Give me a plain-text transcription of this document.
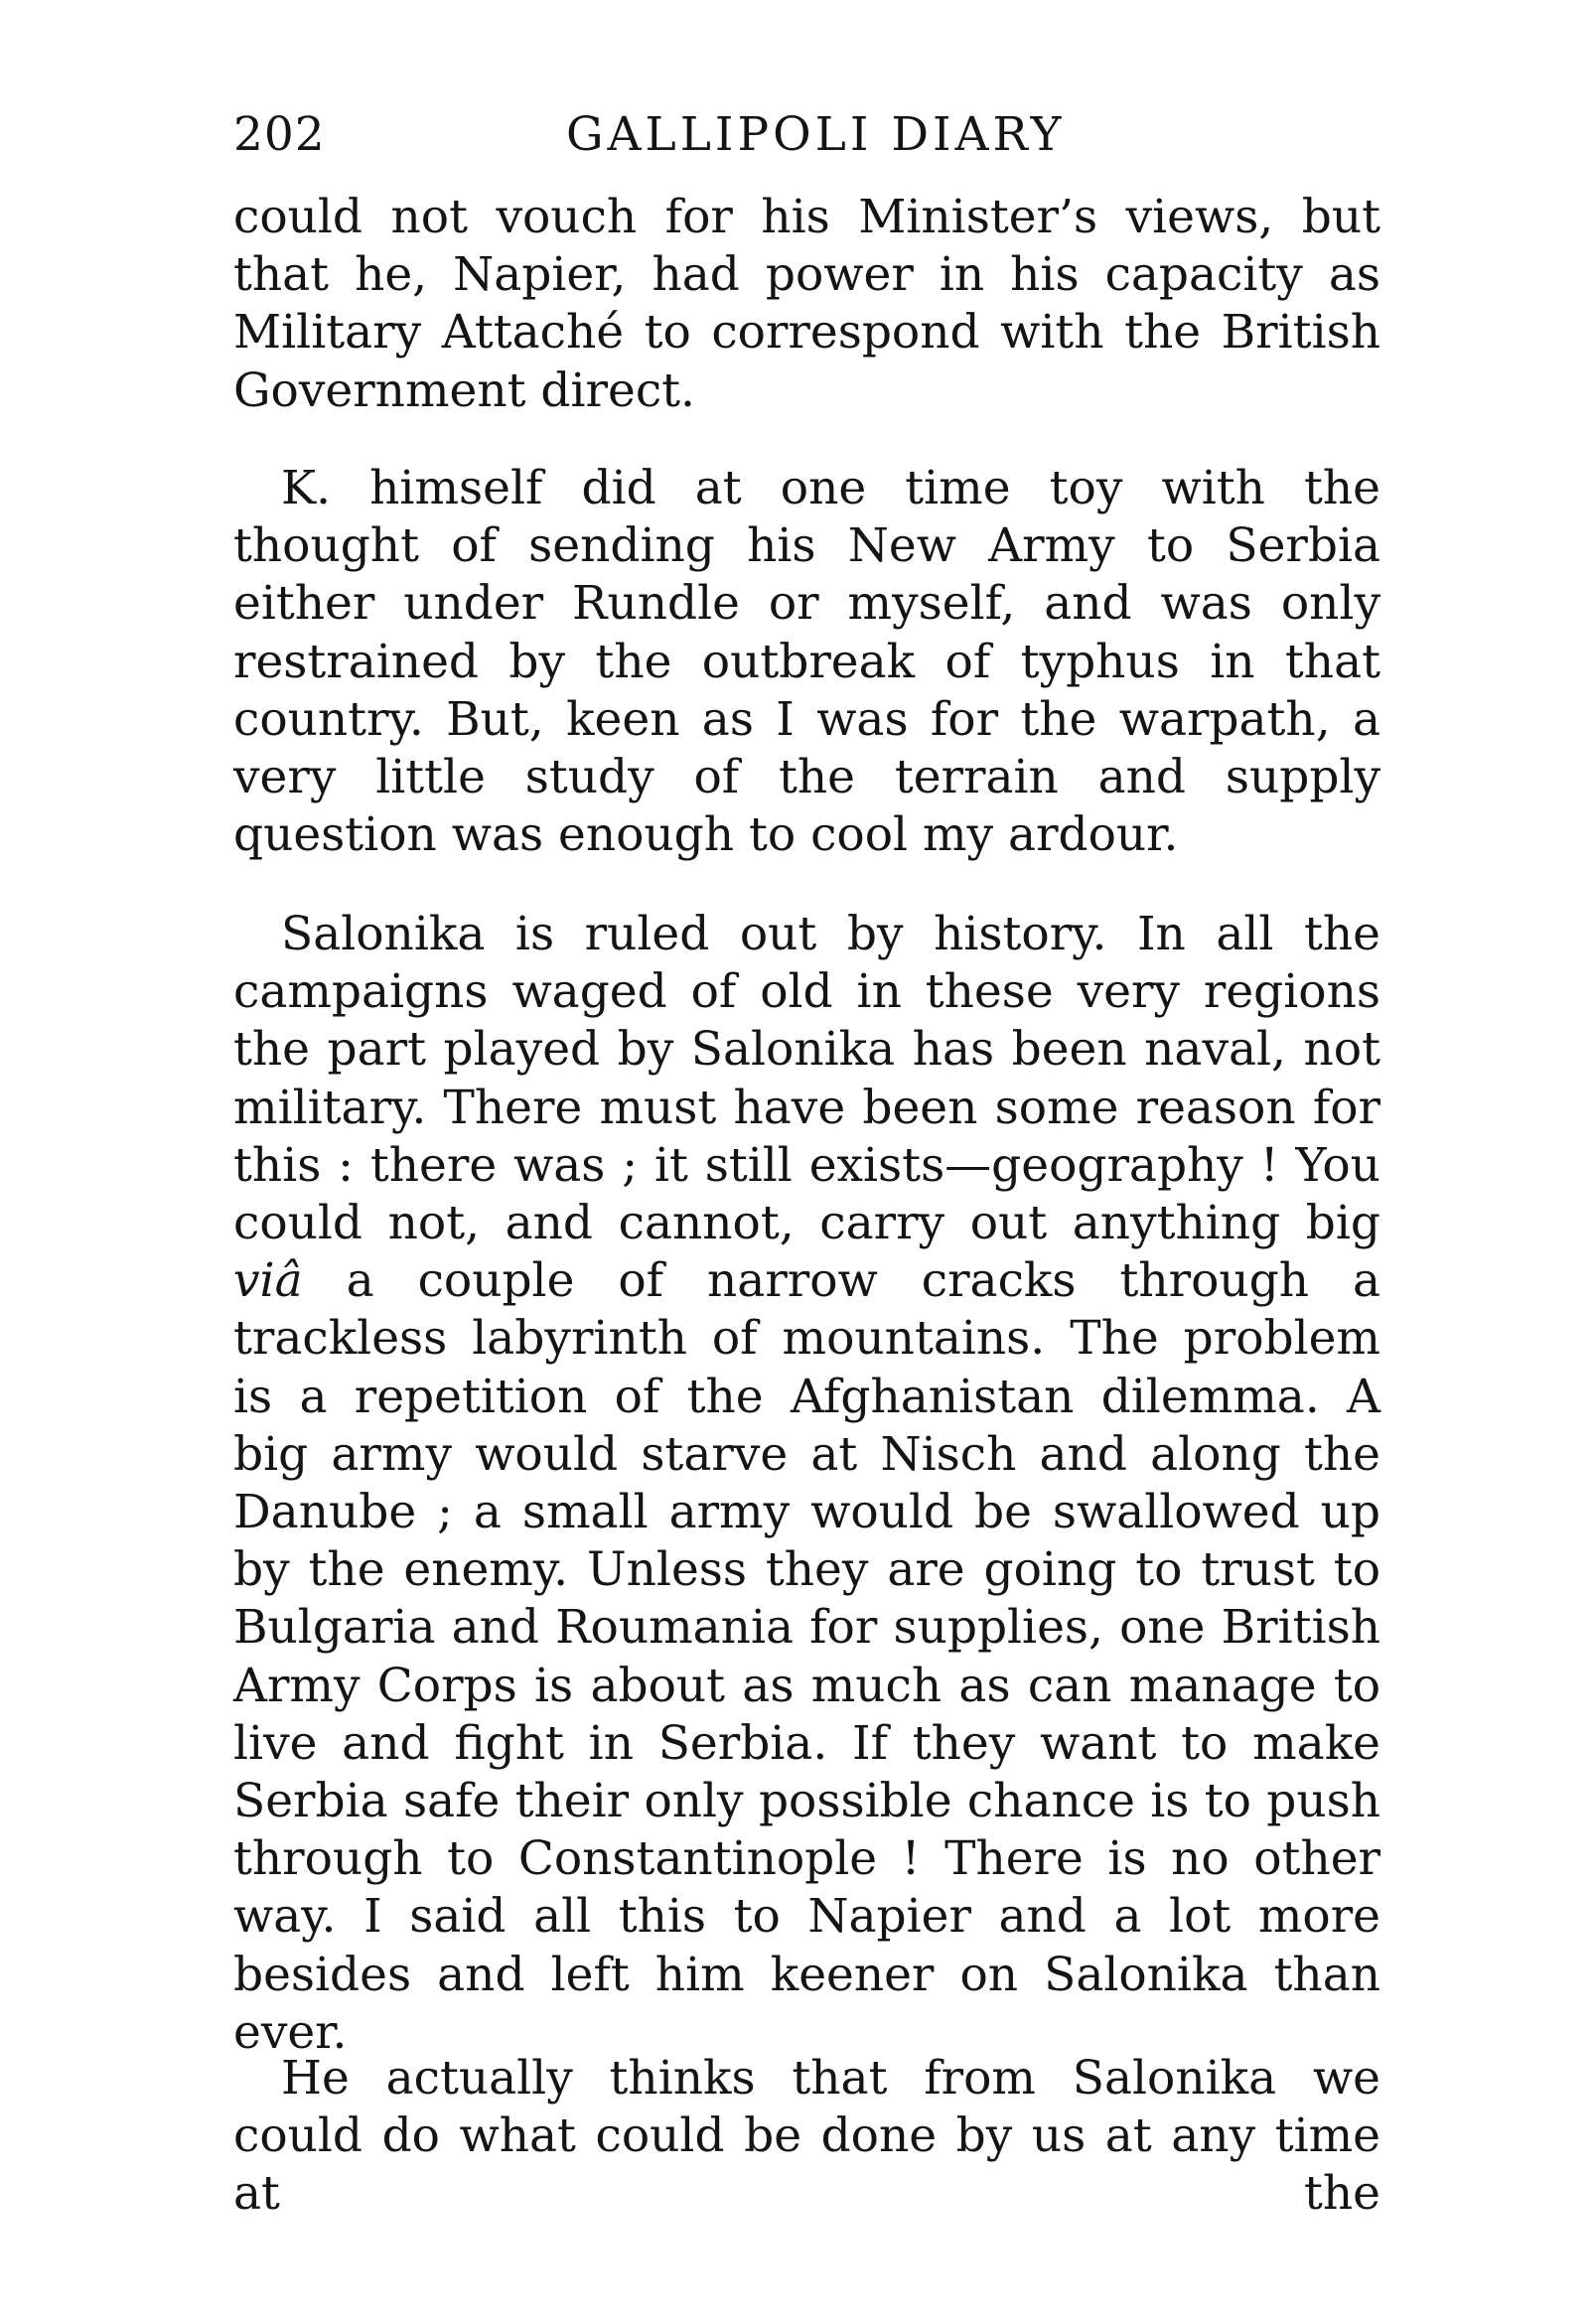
202	GALLIPOLI DIARY

could not vouch for his Minister’s views, but that he, Napier, had power in his capacity as Military Attaché to correspond with the British Government direct.

K. himself did at one time toy with the thought of sending his New Army to Serbia either under Rundle or myself, and was only restrained by the outbreak of typhus in that country. But, keen as I was for the warpath, a very little study of the terrain and supply question was enough to cool my ardour.

Salonika is ruled out by history. In all the campaigns waged of old in these very regions the part played by Salonika has been naval, not military. There must have been some reason for this : there was ; it still exists—geography ! You could not, and cannot, carry out anything big viâ a couple of narrow cracks through a trackless labyrinth of mountains. The problem is a repetition of the Afghanistan dilemma. A big army would starve at Nisch and along the Danube ; a small army would be swallowed up by the enemy. Unless they are going to trust to Bulgaria and Roumania for supplies, one British Army Corps is about as much as can manage to live and fight in Serbia. If they want to make Serbia safe their only possible chance is to push through to Constantinople ! There is no other way. I said all this to Napier and a lot more besides and left him keener on Salonika than ever.

He actually thinks that from Salonika we could do what could be done by us at any time at the
